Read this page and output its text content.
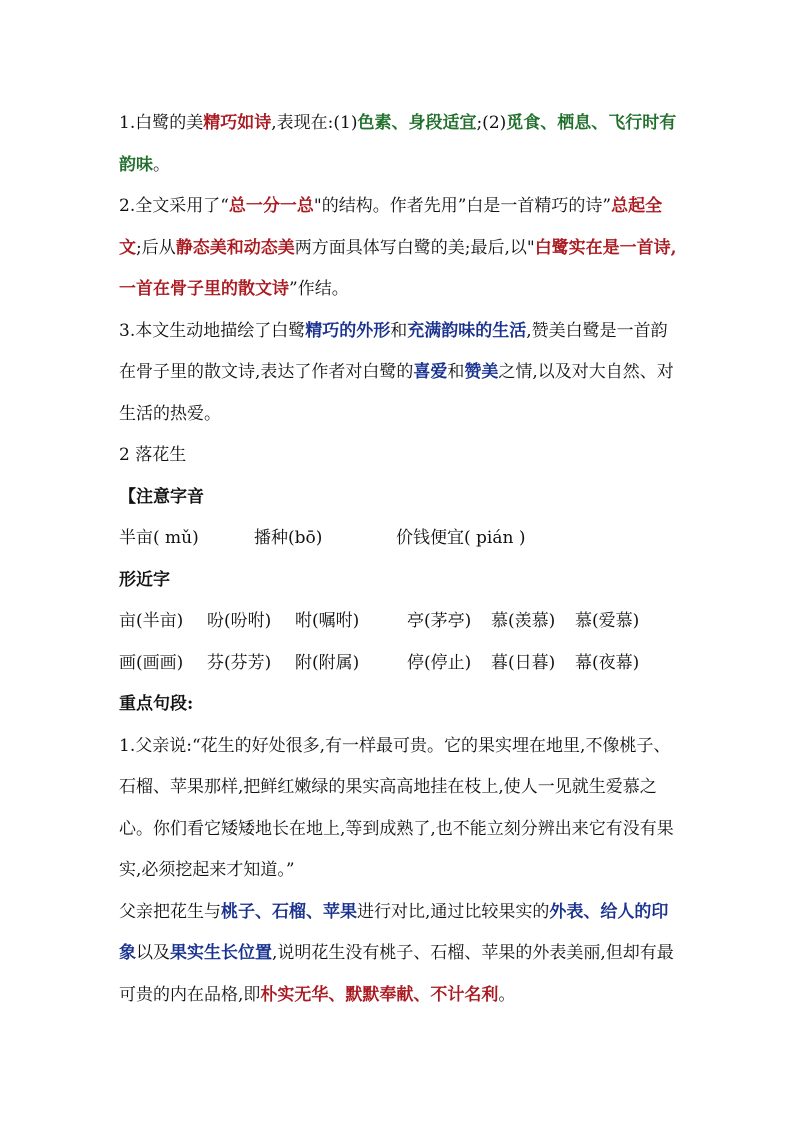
1.白鹭的美精巧如诗,表现在:(1)色素、身段适宜;(2)觅食、栖息、飞行时有韵味。

2.全文采用了“总一分一总"的结构。作者先用”白是一首精巧的诗”总起全文;后从静态美和动态美两方面具体写白鹭的美;最后,以"白鹭实在是一首诗,一首在骨子里的散文诗”作结。

3.本文生动地描绘了白鹭精巧的外形和充满韵味的生活,赞美白鹭是一首韵在骨子里的散文诗,表达了作者对白鹭的喜爱和赞美之情,以及对大自然、对生活的热爱。

2 落花生

【注意字音

半亩( mǔ)	播种(bō)	价钱便宜( pián )

形近字

亩(半亩)	吩(吩咐)	咐(嘱咐)	亭(茅亭)	慕(羡慕)	慕(爱慕)
画(画画)	芬(芬芳)	附(附属)	停(停止)	暮(日暮)	幕(夜幕)

重点句段:

1.父亲说:“花生的好处很多,有一样最可贵。它的果实埋在地里,不像桃子、石榴、苹果那样,把鲜红嫩绿的果实高高地挂在枝上,使人一见就生爱慕之心。你们看它矮矮地长在地上,等到成熟了,也不能立刻分辨出来它有没有果实,必须挖起来才知道。”

父亲把花生与桃子、石榴、苹果进行对比,通过比较果实的外表、给人的印象以及果实生长位置,说明花生没有桃子、石榴、苹果的外表美丽,但却有最可贵的内在品格,即朴实无华、默默奉献、不计名利。
